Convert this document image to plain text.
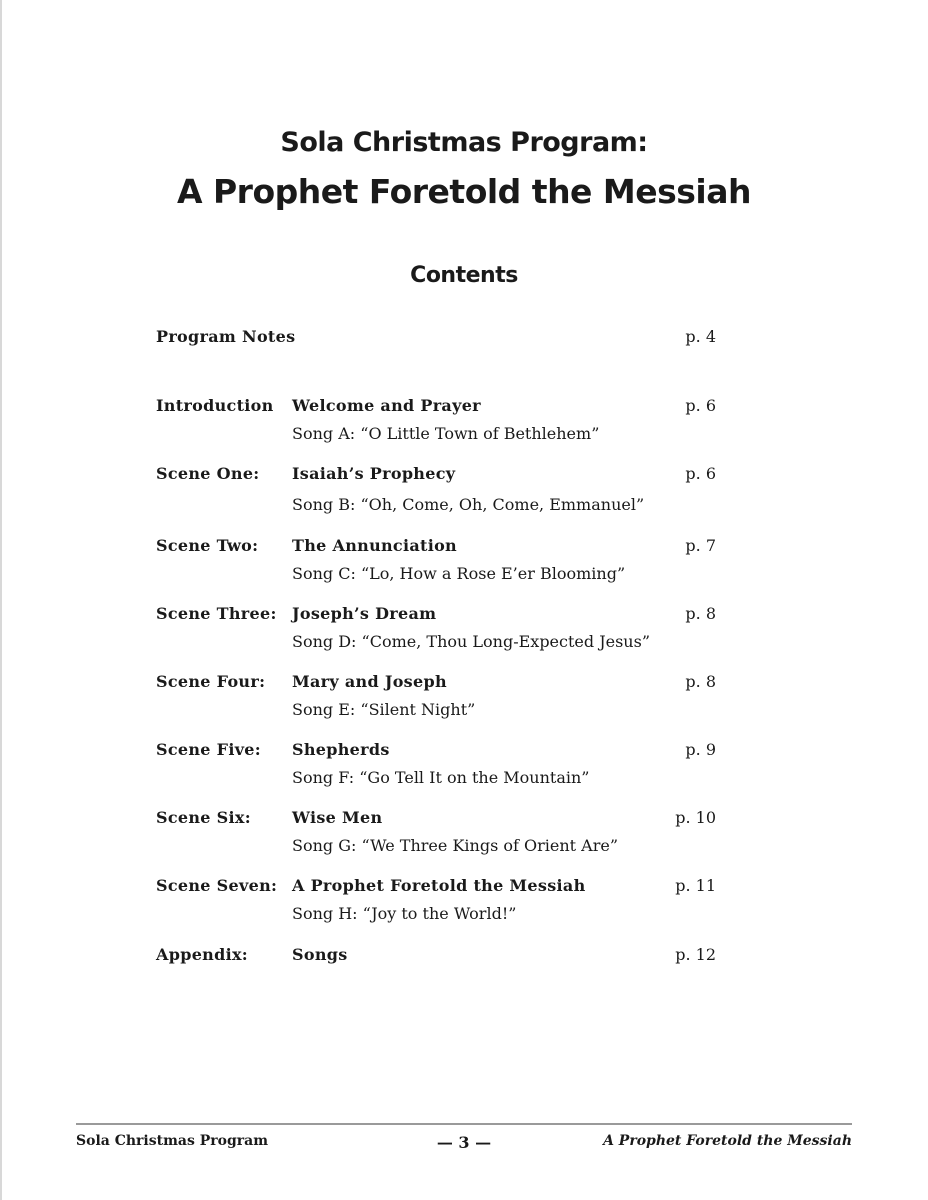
Sola Christmas Program:
A Prophet Foretold the Messiah
Contents
Program Notes	p. 4
Introduction Welcome and Prayer	p. 6
Song A: “O Little Town of Bethlehem”
Scene One: Isaiah’s Prophecy	p. 6
Song B: “Oh, Come, Oh, Come, Emmanuel”
Scene Two: The Annunciation	p. 7
Song C: “Lo, How a Rose E’er Blooming”
Scene Three: Joseph’s Dream	p. 8
Song D: “Come, Thou Long-Expected Jesus”
Scene Four: Mary and Joseph	p. 8
Song E: “Silent Night”
Scene Five: Shepherds	p. 9
Song F: “Go Tell It on the Mountain”
Scene Six:	Wise Men	p. 10
Song G: “We Three Kings of Orient Are”
Scene Seven: A Prophet Foretold the Messiah	p. 11
Song H: “Joy to the World!”
Appendix:	Songs	p. 12
Sola Christmas Program	— 3 —	A Prophet Foretold the Messiah
